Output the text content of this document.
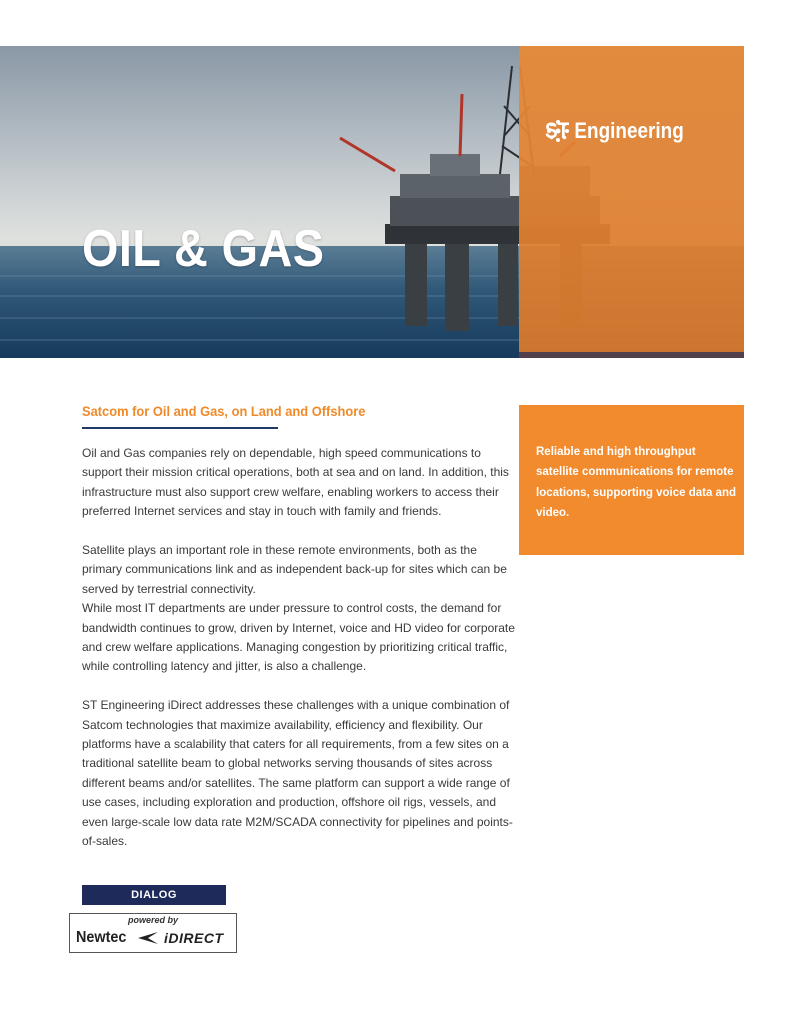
ST Engineering
OIL & GAS
Satcom for Oil and Gas, on Land and Offshore

Oil and Gas companies rely on dependable, high speed communications to support their mission critical operations, both at sea and on land. In addition, this infrastructure must also support crew welfare, enabling workers to access their preferred Internet services and stay in touch with family and friends.

Satellite plays an important role in these remote environments, both as the primary communications link and as independent back-up for sites which can be served by terrestrial connectivity.

While most IT departments are under pressure to control costs, the demand for bandwidth continues to grow, driven by Internet, voice and HD video for corporate and crew welfare applications. Managing congestion by prioritizing critical traffic, while controlling latency and jitter, is also a challenge.

ST Engineering iDirect addresses these challenges with a unique combination of Satcom technologies that maximize availability, efficiency and flexibility. Our platforms have a scalability that caters for all requirements, from a few sites on a traditional satellite beam to global networks serving thousands of sites across different beams and/or satellites. The same platform can support a wide range of use cases, including exploration and production, offshore oil rigs, vessels, and even large-scale low data rate M2M/SCADA connectivity for pipelines and points-of-sales.

Reliable and high throughput satellite communications for remote locations, supporting voice data and video.

DIALOG
powered by
Newtec	iDIRECT
